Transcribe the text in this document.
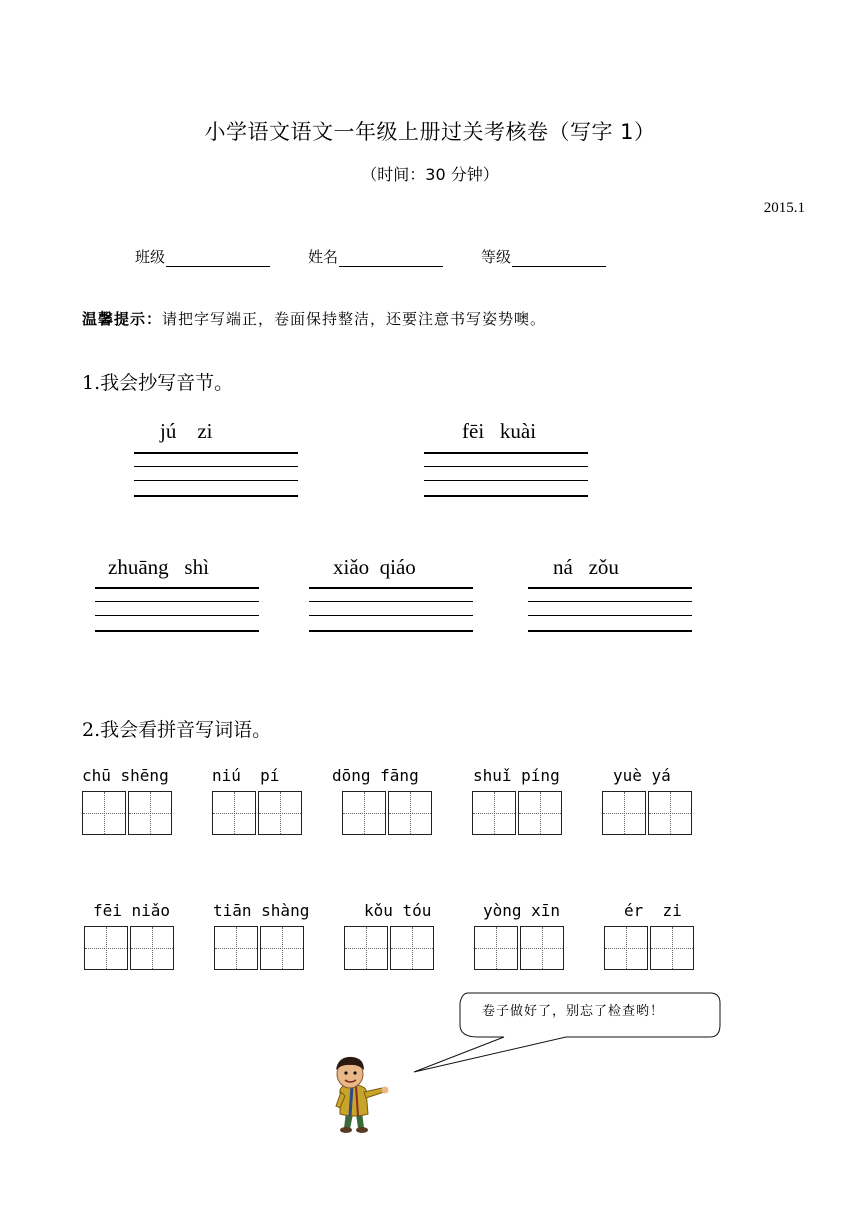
小学语文语文一年级上册过关考核卷（写字 1）
（时间：30 分钟）
2015.1
班级	姓名	等级
温馨提示：请把字写端正，卷面保持整洁，还要注意书写姿势噢。
1.我会抄写音节。
jú    zi	fēi   kuài
zhuāng   shì	xiǎo  qiáo	ná   zǒu
2.我会看拼音写词语。
chū shēng	niú  pí	dōng fāng	shuǐ píng	yuè yá
fēi niǎo	tiān shàng	kǒu tóu	yòng xīn	ér  zi
卷子做好了，别忘了检查哟！
